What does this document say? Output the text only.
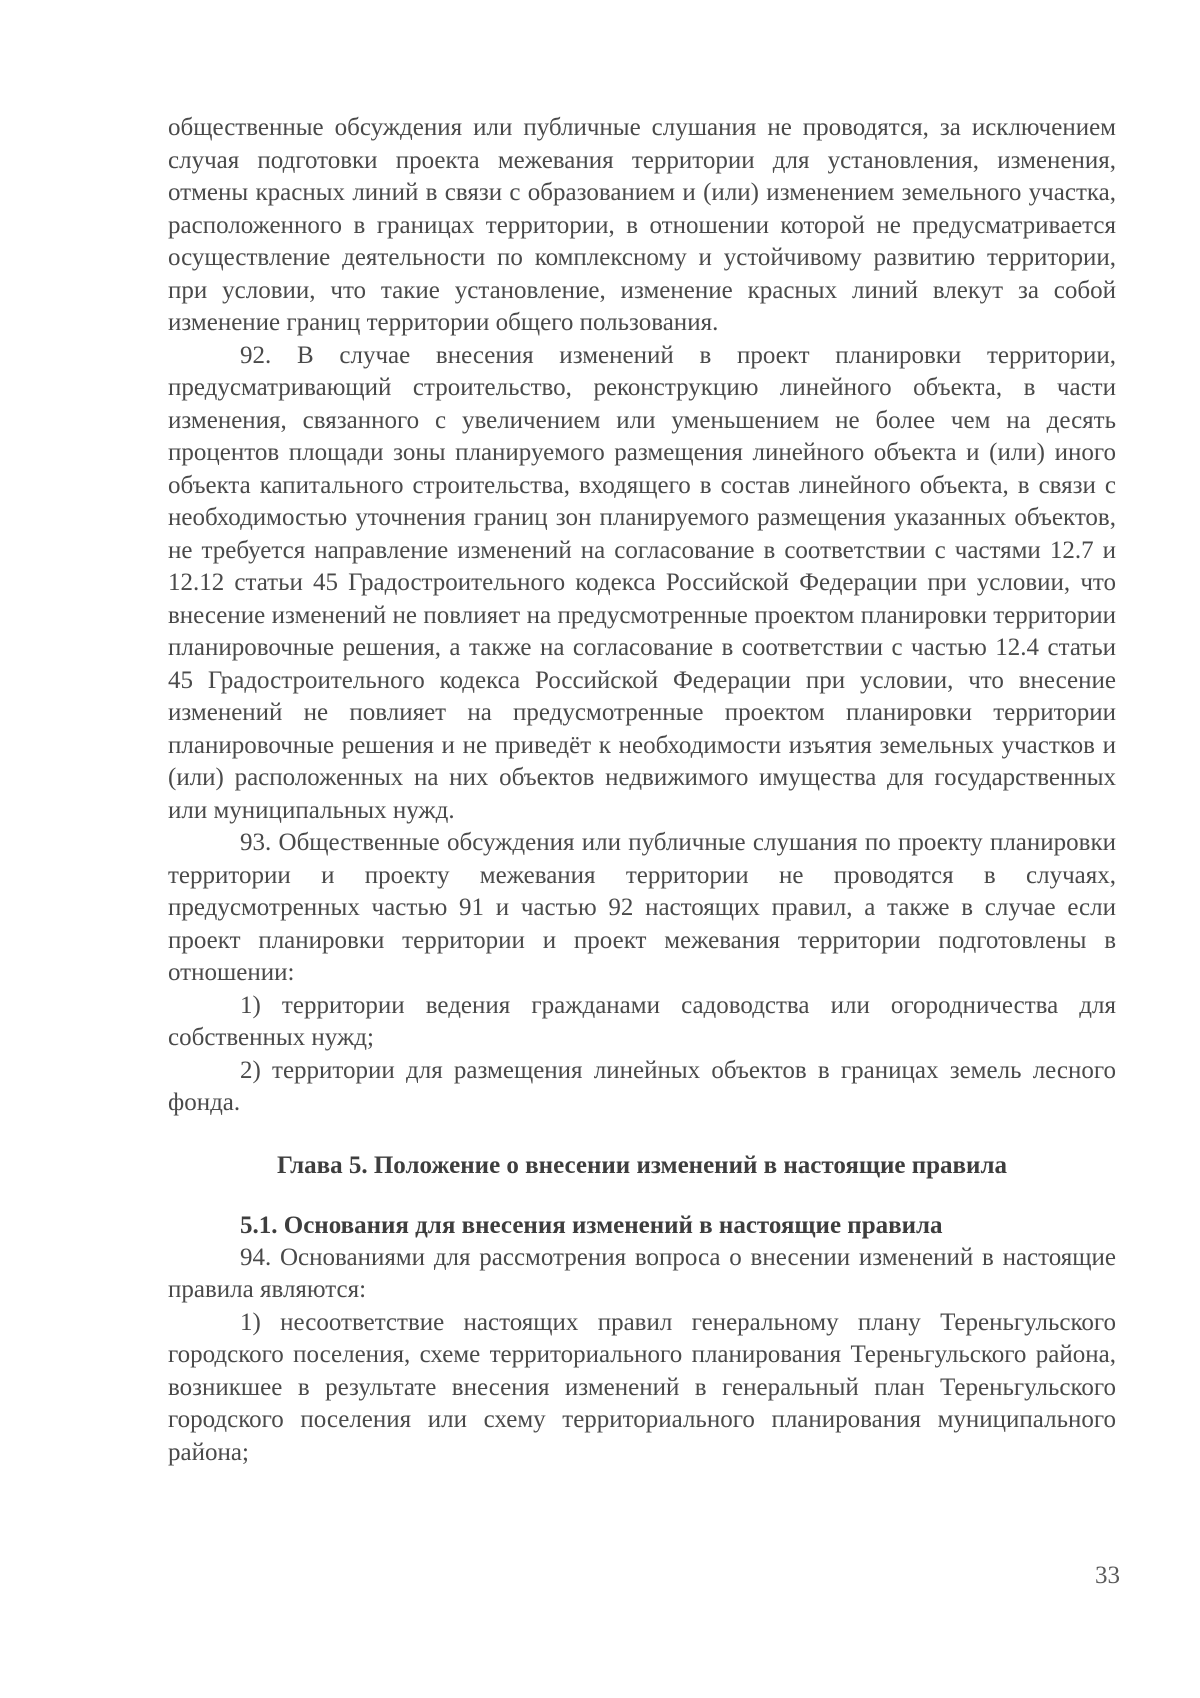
общественные обсуждения или публичные слушания не проводятся, за исключением случая подготовки проекта межевания территории для установления, изменения, отмены красных линий в связи с образованием и (или) изменением земельного участка, расположенного в границах территории, в отношении которой не предусматривается осуществление деятельности по комплексному и устойчивому развитию территории, при условии, что такие установление, изменение красных линий влекут за собой изменение границ территории общего пользования.

92. В случае внесения изменений в проект планировки территории, предусматривающий строительство, реконструкцию линейного объекта, в части изменения, связанного с увеличением или уменьшением не более чем на десять процентов площади зоны планируемого размещения линейного объекта и (или) иного объекта капитального строительства, входящего в состав линейного объекта, в связи с необходимостью уточнения границ зон планируемого размещения указанных объектов, не требуется направление изменений на согласование в соответствии с частями 12.7 и 12.12 статьи 45 Градостроительного кодекса Российской Федерации при условии, что внесение изменений не повлияет на предусмотренные проектом планировки территории планировочные решения, а также на согласование в соответствии с частью 12.4 статьи 45 Градостроительного кодекса Российской Федерации при условии, что внесение изменений не повлияет на предусмотренные проектом планировки территории планировочные решения и не приведёт к необходимости изъятия земельных участков и (или) расположенных на них объектов недвижимого имущества для государственных или муниципальных нужд.

93. Общественные обсуждения или публичные слушания по проекту планировки территории и проекту межевания территории не проводятся в случаях, предусмотренных частью 91 и частью 92 настоящих правил, а также в случае если проект планировки территории и проект межевания территории подготовлены в отношении:

1) территории ведения гражданами садоводства или огородничества для собственных нужд;

2) территории для размещения линейных объектов в границах земель лесного фонда.

Глава 5. Положение о внесении изменений в настоящие правила
5.1. Основания для внесения изменений в настоящие правила

94. Основаниями для рассмотрения вопроса о внесении изменений в настоящие правила являются:

1) несоответствие настоящих правил генеральному плану Тереньгульского городского поселения, схеме территориального планирования Тереньгульского района, возникшее в результате внесения изменений в генеральный план Тереньгульского городского поселения или схему территориального планирования муниципального района;

33
